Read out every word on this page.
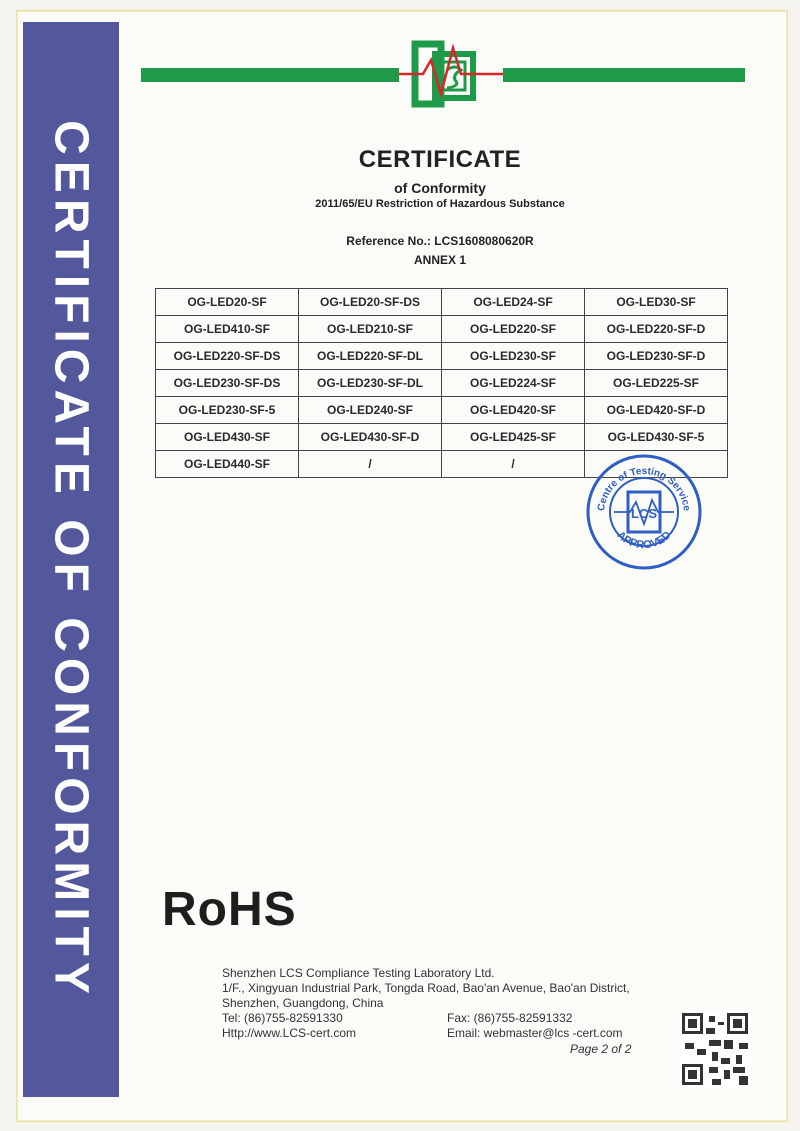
CERTIFICATE OF CONFORMITY	CERTIFICATE
of Conformity
2011/65/EU Restriction of Hazardous Substance
Reference No.: LCS1608080620R
ANNEX 1
OG-LED20-SF	OG-LED20-SF-DS	OG-LED24-SF	OG-LED30-SF
OG-LED410-SF	OG-LED210-SF	OG-LED220-SF	OG-LED220-SF-D
OG-LED220-SF-DS	OG-LED220-SF-DL	OG-LED230-SF	OG-LED230-SF-D
OG-LED230-SF-DS	OG-LED230-SF-DL	OG-LED224-SF	OG-LED225-SF
OG-LED230-SF-5	OG-LED240-SF	OG-LED420-SF	OG-LED420-SF-D
OG-LED430-SF	OG-LED430-SF-D	OG-LED425-SF	OG-LED430-SF-5
OG-LED440-SF	/	/	
Centre of Testing Service
APPROVED
LCS
RoHS
Shenzhen LCS Compliance Testing Laboratory Ltd.
1/F., Xingyuan Industrial Park, Tongda Road, Bao'an Avenue, Bao'an District,
Shenzhen, Guangdong, China
Tel: (86)755-82591330	Fax: (86)755-82591332
Http://www.LCS-cert.com	Email: webmaster@lcs -cert.com
Page 2 of 2
